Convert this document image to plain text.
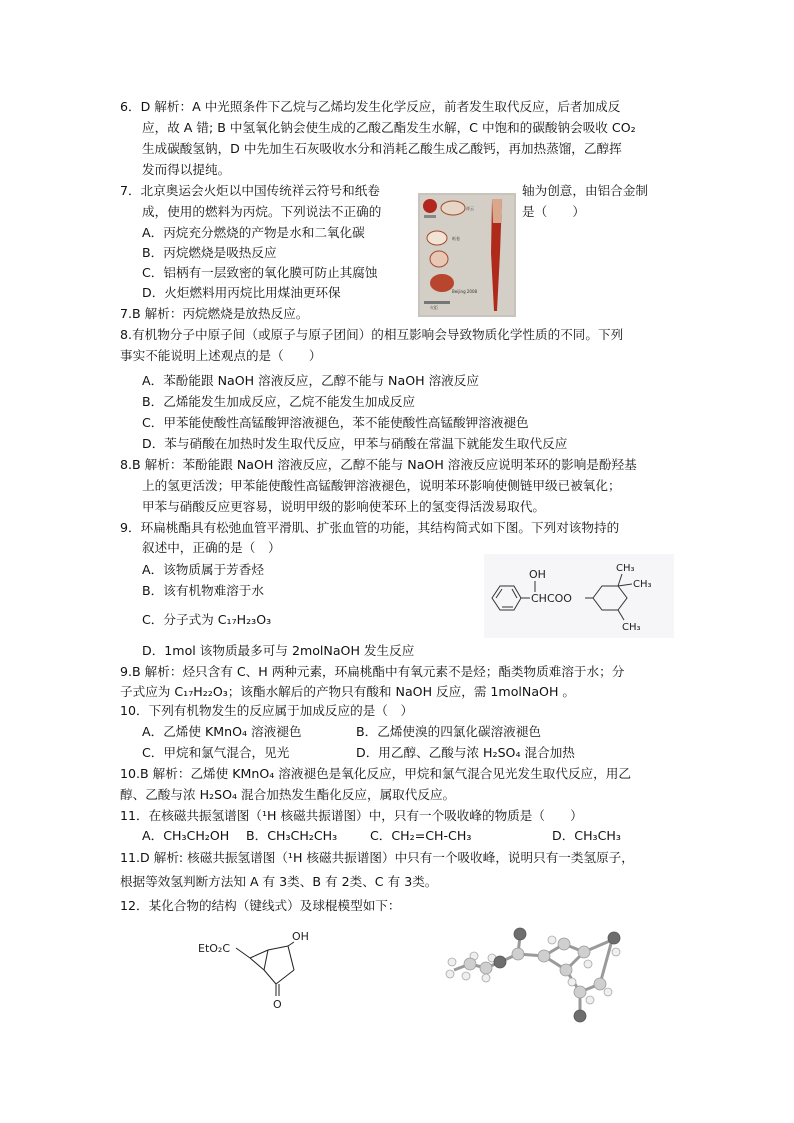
6．D 解析：A 中光照条件下乙烷与乙烯均发生化学反应，前者发生取代反应，后者加成反
应，故 A 错; B 中氢氧化钠会使生成的乙酸乙酯发生水解，C 中饱和的碳酸钠会吸收 CO₂
生成碳酸氢钠，D 中先加生石灰吸收水分和消耗乙酸生成乙酸钙，再加热蒸馏，乙醇挥
发而得以提纯。
7．北京奥运会火炬以中国传统祥云符号和纸卷	轴为创意，由铝合金制
成，使用的燃料为丙烷。下列说法不正确的	是（　　）
A．丙烷充分燃烧的产物是水和二氧化碳
B．丙烷燃烧是吸热反应
C．铝柄有一层致密的氧化膜可防止其腐蚀
D．火炬燃料用丙烷比用煤油更环保
7.B 解析：丙烷燃烧是放热反应。
祥云
纸卷
Beijing 2008
火炬
8.有机物分子中原子间（或原子与原子团间）的相互影响会导致物质化学性质的不同。下列
事实不能说明上述观点的是（　　）
A．苯酚能跟 NaOH 溶液反应，乙醇不能与 NaOH 溶液反应
B．乙烯能发生加成反应，乙烷不能发生加成反应
C．甲苯能使酸性高锰酸钾溶液褪色，苯不能使酸性高锰酸钾溶液褪色
D．苯与硝酸在加热时发生取代反应，甲苯与硝酸在常温下就能发生取代反应
8.B 解析：苯酚能跟 NaOH 溶液反应，乙醇不能与 NaOH 溶液反应说明苯环的影响是酚羟基
上的氢更活泼；甲苯能使酸性高锰酸钾溶液褪色，说明苯环影响使侧链甲级已被氧化；
甲苯与硝酸反应更容易，说明甲级的影响使苯环上的氢变得活泼易取代。
9．环扁桃酯具有松弛血管平滑肌、扩张血管的功能，其结构简式如下图。下列对该物持的
叙述中，正确的是（　）
A．该物质属于芳香烃
B．该有机物难溶于水
C．分子式为 C₁₇H₂₃O₃
D．1mol 该物质最多可与 2molNaOH 发生反应
OH
CHCOO
CH₃
CH₃
CH₃
9.B 解析：烃只含有 C、H 两种元素，环扁桃酯中有氧元素不是烃；酯类物质难溶于水；分
子式应为 C₁₇H₂₂O₃；该酯水解后的产物只有酸和 NaOH 反应，需 1molNaOH 。
10．下列有机物发生的反应属于加成反应的是（　）
A．乙烯使 KMnO₄ 溶液褪色	B．乙烯使溴的四氯化碳溶液褪色
C．甲烷和氯气混合，见光	D．用乙醇、乙酸与浓 H₂SO₄ 混合加热
10.B 解析：乙烯使 KMnO₄ 溶液褪色是氧化反应，甲烷和氯气混合见光发生取代反应，用乙
醇、乙酸与浓 H₂SO₄ 混合加热发生酯化反应，属取代反应。
11．在核磁共振氢谱图（¹H 核磁共振谱图）中，只有一个吸收峰的物质是（　　）
A．CH₃CH₂OH B．CH₃CH₂CH₃	C．CH₂=CH-CH₃	D．CH₃CH₃
11.D 解析: 核磁共振氢谱图（¹H 核磁共振谱图）中只有一个吸收峰，说明只有一类氢原子，
根据等效氢判断方法知 A 有 3类、B 有 2类、C 有 3类。
12．某化合物的结构（键线式）及球棍模型如下：
EtO₂C
OH
O
